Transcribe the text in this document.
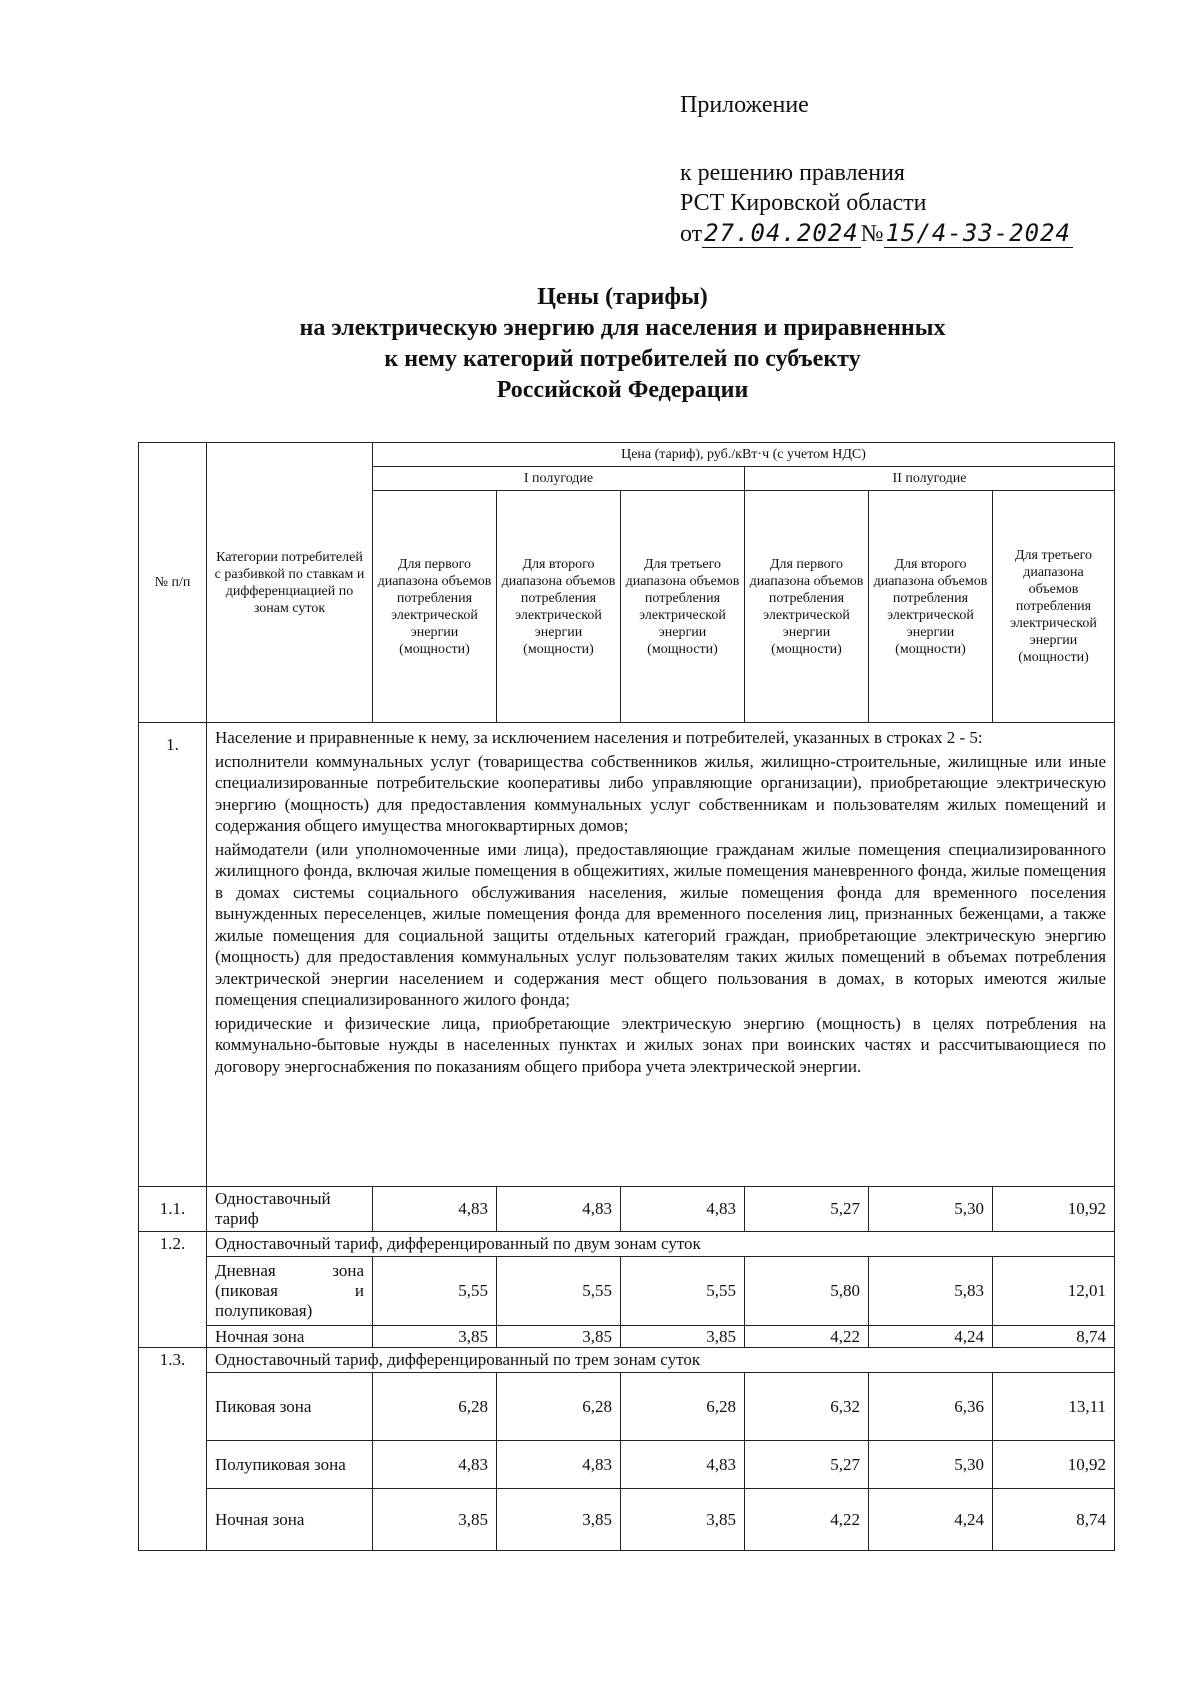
Приложение
к решению правления
РСТ Кировской области
от27.04.2024№15/4-33-2024
Цены (тарифы)
на электрическую энергию для населения и приравненных
к нему категорий потребителей по субъекту
Российской Федерации
№ п/п	Категории потребителей с разбивкой по ставкам и дифференциацией по зонам суток	Цена (тариф), руб./кВт·ч (с учетом НДС)					
		I полугодие			II полугодие		
		Для первого диапазона объемов потребления электрической энергии (мощности)	Для второго диапазона объемов потребления электрической энергии (мощности)	Для третьего диапазона объемов потребления электрической энергии (мощности)	Для первого диапазона объемов потребления электрической энергии (мощности)	Для второго диапазона объемов потребления электрической энергии (мощности)	Для третьего диапазона объемов потребления электрической энергии (мощности)
1.	Население и приравненные к нему, за исключением населения и потребителей, указанных в строках 2 - 5:

исполнители коммунальных услуг (товарищества собственников жилья, жилищно-строительные, жилищные или иные специализированные потребительские кооперативы либо управляющие организации), приобретающие электрическую энергию (мощность) для предоставления коммунальных услуг собственникам и пользователям жилых помещений и содержания общего имущества многоквартирных домов;

наймодатели (или уполномоченные ими лица), предоставляющие гражданам жилые помещения специализированного жилищного фонда, включая жилые помещения в общежитиях, жилые помещения маневренного фонда, жилые помещения в домах системы социального обслуживания населения, жилые помещения фонда для временного поселения вынужденных переселенцев, жилые помещения фонда для временного поселения лиц, признанных беженцами, а также жилые помещения для социальной защиты отдельных категорий граждан, приобретающие электрическую энергию (мощность) для предоставления коммунальных услуг пользователям таких жилых помещений в объемах потребления электрической энергии населением и содержания мест общего пользования в домах, в которых имеются жилые помещения специализированного жилого фонда;

юридические и физические лица, приобретающие электрическую энергию (мощность) в целях потребления на коммунально-бытовые нужды в населенных пунктах и жилых зонах при воинских частях и рассчитывающиеся по договору энергоснабжения по показаниям общего прибора учета электрической энергии.						

1.1.	Одноставочный тариф	4,83	4,83	4,83	5,27	5,30	10,92
1.2.	Одноставочный тариф, дифференцированный по двум зонам суток						

	Дневная зона
(пиковая и
полупиковая)	5,55	5,55	5,55	5,80	5,83	12,01
	Ночная зона	3,85	3,85	3,85	4,22	4,24	8,74
1.3.	Одноставочный тариф, дифференцированный по трем зонам суток						
	Пиковая зона	6,28	6,28	6,28	6,32	6,36	13,11
	Полупиковая зона	4,83	4,83	4,83	5,27	5,30	10,92
	Ночная зона	3,85	3,85	3,85	4,22	4,24	8,74
